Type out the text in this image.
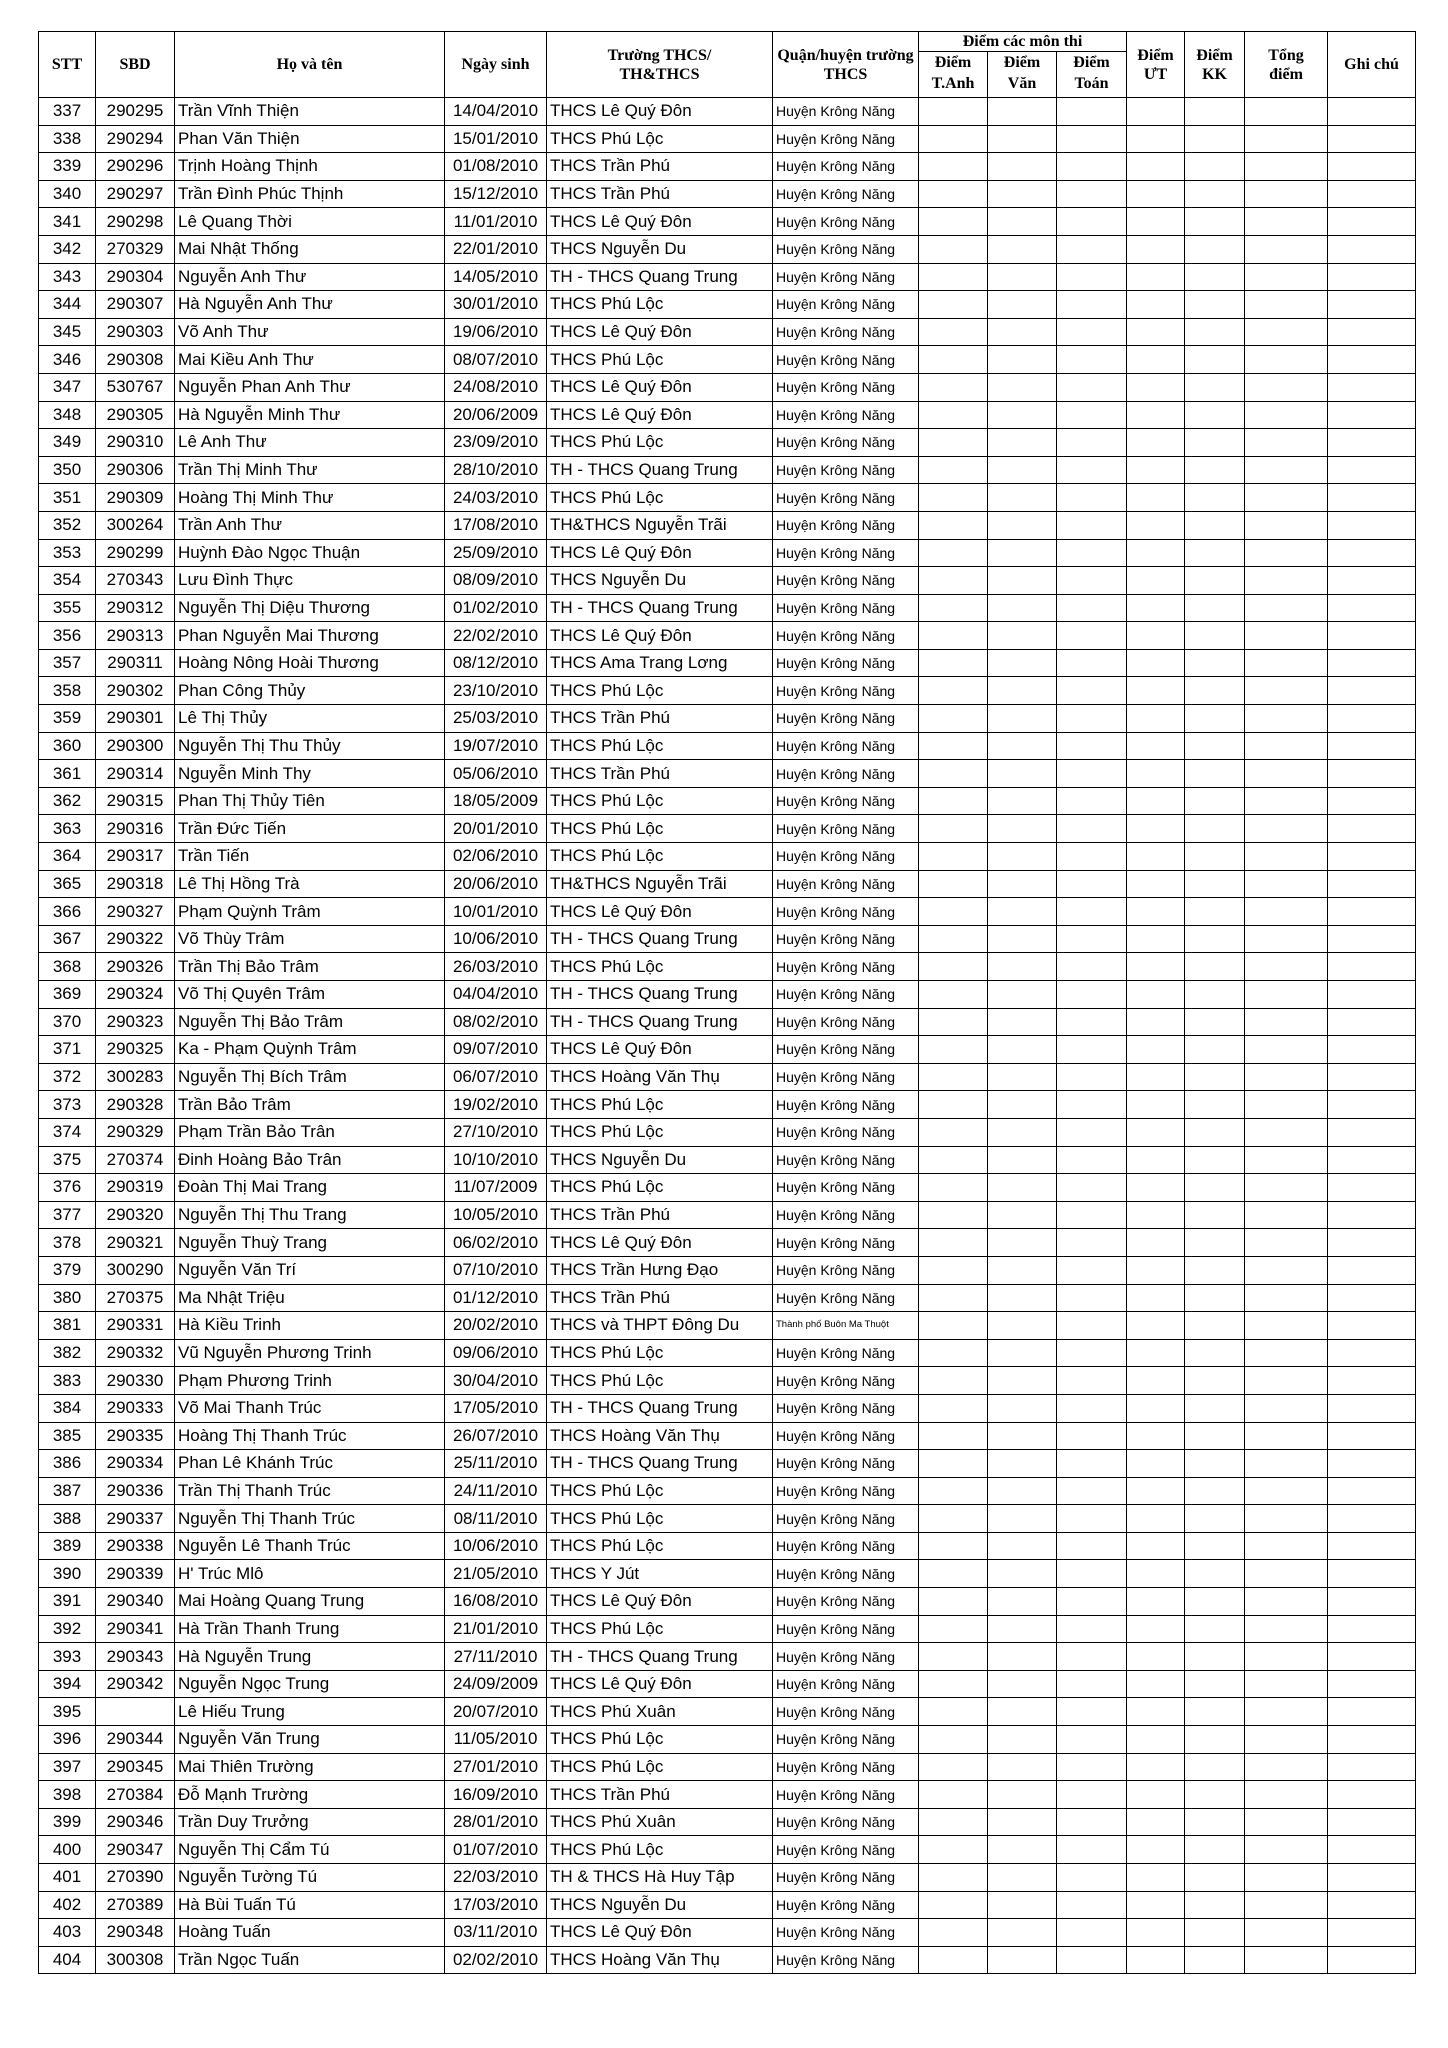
STT	SBD	Họ và tên	Ngày sinh	Trường THCS/ TH&THCS	Quận/huyện trường THCS	Điểm các môn thi			Điểm ƯT	Điểm KK	Tổng điểm	Ghi chú
						Điểm T.Anh	Điểm Văn	Điểm Toán				
337	290295	Trần Vĩnh Thiện	14/04/2010	THCS Lê Quý Đôn	Huyện Krông Năng							
338	290294	Phan Văn Thiện	15/01/2010	THCS Phú Lộc	Huyện Krông Năng							
339	290296	Trịnh Hoàng Thịnh	01/08/2010	THCS Trần Phú	Huyện Krông Năng							
340	290297	Trần Đình Phúc Thịnh	15/12/2010	THCS Trần Phú	Huyện Krông Năng							
341	290298	Lê Quang Thời	11/01/2010	THCS Lê Quý Đôn	Huyện Krông Năng							
342	270329	Mai Nhật Thống	22/01/2010	THCS Nguyễn Du	Huyện Krông Năng							
343	290304	Nguyễn Anh Thư	14/05/2010	TH - THCS Quang Trung	Huyện Krông Năng							
344	290307	Hà Nguyễn Anh Thư	30/01/2010	THCS Phú Lộc	Huyện Krông Năng							
345	290303	Võ Anh Thư	19/06/2010	THCS Lê Quý Đôn	Huyện Krông Năng							
346	290308	Mai Kiều Anh Thư	08/07/2010	THCS Phú Lộc	Huyện Krông Năng							
347	530767	Nguyễn Phan Anh Thư	24/08/2010	THCS Lê Quý Đôn	Huyện Krông Năng							
348	290305	Hà Nguyễn Minh Thư	20/06/2009	THCS Lê Quý Đôn	Huyện Krông Năng							
349	290310	Lê Anh Thư	23/09/2010	THCS Phú Lộc	Huyện Krông Năng							
350	290306	Trần Thị Minh Thư	28/10/2010	TH - THCS Quang Trung	Huyện Krông Năng							
351	290309	Hoàng Thị Minh Thư	24/03/2010	THCS Phú Lộc	Huyện Krông Năng							
352	300264	Trần Anh Thư	17/08/2010	TH&THCS Nguyễn Trãi	Huyện Krông Năng							
353	290299	Huỳnh Đào Ngọc Thuận	25/09/2010	THCS Lê Quý Đôn	Huyện Krông Năng							
354	270343	Lưu Đình Thực	08/09/2010	THCS Nguyễn Du	Huyện Krông Năng							
355	290312	Nguyễn Thị Diệu Thương	01/02/2010	TH - THCS Quang Trung	Huyện Krông Năng							
356	290313	Phan Nguyễn Mai Thương	22/02/2010	THCS Lê Quý Đôn	Huyện Krông Năng							
357	290311	Hoàng Nông Hoài Thương	08/12/2010	THCS Ama Trang Lơng	Huyện Krông Năng							
358	290302	Phan Công Thủy	23/10/2010	THCS Phú Lộc	Huyện Krông Năng							
359	290301	Lê Thị Thủy	25/03/2010	THCS Trần Phú	Huyện Krông Năng							
360	290300	Nguyễn Thị Thu Thủy	19/07/2010	THCS Phú Lộc	Huyện Krông Năng							
361	290314	Nguyễn Minh Thy	05/06/2010	THCS Trần Phú	Huyện Krông Năng							
362	290315	Phan Thị Thủy Tiên	18/05/2009	THCS Phú Lộc	Huyện Krông Năng							
363	290316	Trần Đức Tiến	20/01/2010	THCS Phú Lộc	Huyện Krông Năng							
364	290317	Trần Tiến	02/06/2010	THCS Phú Lộc	Huyện Krông Năng							
365	290318	Lê Thị Hồng Trà	20/06/2010	TH&THCS Nguyễn Trãi	Huyện Krông Năng							
366	290327	Phạm Quỳnh Trâm	10/01/2010	THCS Lê Quý Đôn	Huyện Krông Năng							
367	290322	Võ Thùy Trâm	10/06/2010	TH - THCS Quang Trung	Huyện Krông Năng							
368	290326	Trần Thị Bảo Trâm	26/03/2010	THCS Phú Lộc	Huyện Krông Năng							
369	290324	Võ Thị Quyên Trâm	04/04/2010	TH - THCS Quang Trung	Huyện Krông Năng							
370	290323	Nguyễn Thị Bảo Trâm	08/02/2010	TH - THCS Quang Trung	Huyện Krông Năng							
371	290325	Ka - Phạm Quỳnh Trâm	09/07/2010	THCS Lê Quý Đôn	Huyện Krông Năng							
372	300283	Nguyễn Thị Bích Trâm	06/07/2010	THCS Hoàng Văn Thụ	Huyện Krông Năng							
373	290328	Trần Bảo Trâm	19/02/2010	THCS Phú Lộc	Huyện Krông Năng							
374	290329	Phạm Trần Bảo Trân	27/10/2010	THCS Phú Lộc	Huyện Krông Năng							
375	270374	Đinh Hoàng Bảo Trân	10/10/2010	THCS Nguyễn Du	Huyện Krông Năng							
376	290319	Đoàn Thị Mai Trang	11/07/2009	THCS Phú Lộc	Huyện Krông Năng							
377	290320	Nguyễn Thị Thu Trang	10/05/2010	THCS Trần Phú	Huyện Krông Năng							
378	290321	Nguyễn Thuỳ Trang	06/02/2010	THCS Lê Quý Đôn	Huyện Krông Năng							
379	300290	Nguyễn Văn Trí	07/10/2010	THCS Trần Hưng Đạo	Huyện Krông Năng							
380	270375	Ma Nhật Triệu	01/12/2010	THCS Trần Phú	Huyện Krông Năng							
381	290331	Hà Kiều Trinh	20/02/2010	THCS và THPT Đông Du	Thành phố Buôn Ma Thuột							
382	290332	Vũ Nguyễn Phương Trinh	09/06/2010	THCS Phú Lộc	Huyện Krông Năng							
383	290330	Phạm Phương Trinh	30/04/2010	THCS Phú Lộc	Huyện Krông Năng							
384	290333	Võ Mai Thanh Trúc	17/05/2010	TH - THCS Quang Trung	Huyện Krông Năng							
385	290335	Hoàng Thị Thanh Trúc	26/07/2010	THCS Hoàng Văn Thụ	Huyện Krông Năng							
386	290334	Phan Lê Khánh Trúc	25/11/2010	TH - THCS Quang Trung	Huyện Krông Năng							
387	290336	Trần Thị Thanh Trúc	24/11/2010	THCS Phú Lộc	Huyện Krông Năng							
388	290337	Nguyễn Thị Thanh Trúc	08/11/2010	THCS Phú Lộc	Huyện Krông Năng							
389	290338	Nguyễn Lê Thanh Trúc	10/06/2010	THCS Phú Lộc	Huyện Krông Năng							
390	290339	H' Trúc Mlô	21/05/2010	THCS Y Jút	Huyện Krông Năng							
391	290340	Mai Hoàng Quang Trung	16/08/2010	THCS Lê Quý Đôn	Huyện Krông Năng							
392	290341	Hà Trần Thanh Trung	21/01/2010	THCS Phú Lộc	Huyện Krông Năng							
393	290343	Hà Nguyễn Trung	27/11/2010	TH - THCS Quang Trung	Huyện Krông Năng							
394	290342	Nguyễn Ngọc Trung	24/09/2009	THCS Lê Quý Đôn	Huyện Krông Năng							
395		Lê Hiếu Trung	20/07/2010	THCS Phú Xuân	Huyện Krông Năng							
396	290344	Nguyễn Văn Trung	11/05/2010	THCS Phú Lộc	Huyện Krông Năng							
397	290345	Mai Thiên Trường	27/01/2010	THCS Phú Lộc	Huyện Krông Năng							
398	270384	Đỗ Mạnh Trường	16/09/2010	THCS Trần Phú	Huyện Krông Năng							
399	290346	Trần Duy Trưởng	28/01/2010	THCS Phú Xuân	Huyện Krông Năng							
400	290347	Nguyễn Thị Cẩm Tú	01/07/2010	THCS Phú Lộc	Huyện Krông Năng							
401	270390	Nguyễn Tường Tú	22/03/2010	TH & THCS Hà Huy Tập	Huyện Krông Năng							
402	270389	Hà Bùi Tuấn Tú	17/03/2010	THCS Nguyễn Du	Huyện Krông Năng							
403	290348	Hoàng Tuấn	03/11/2010	THCS Lê Quý Đôn	Huyện Krông Năng							
404	300308	Trần Ngọc Tuấn	02/02/2010	THCS Hoàng Văn Thụ	Huyện Krông Năng							
